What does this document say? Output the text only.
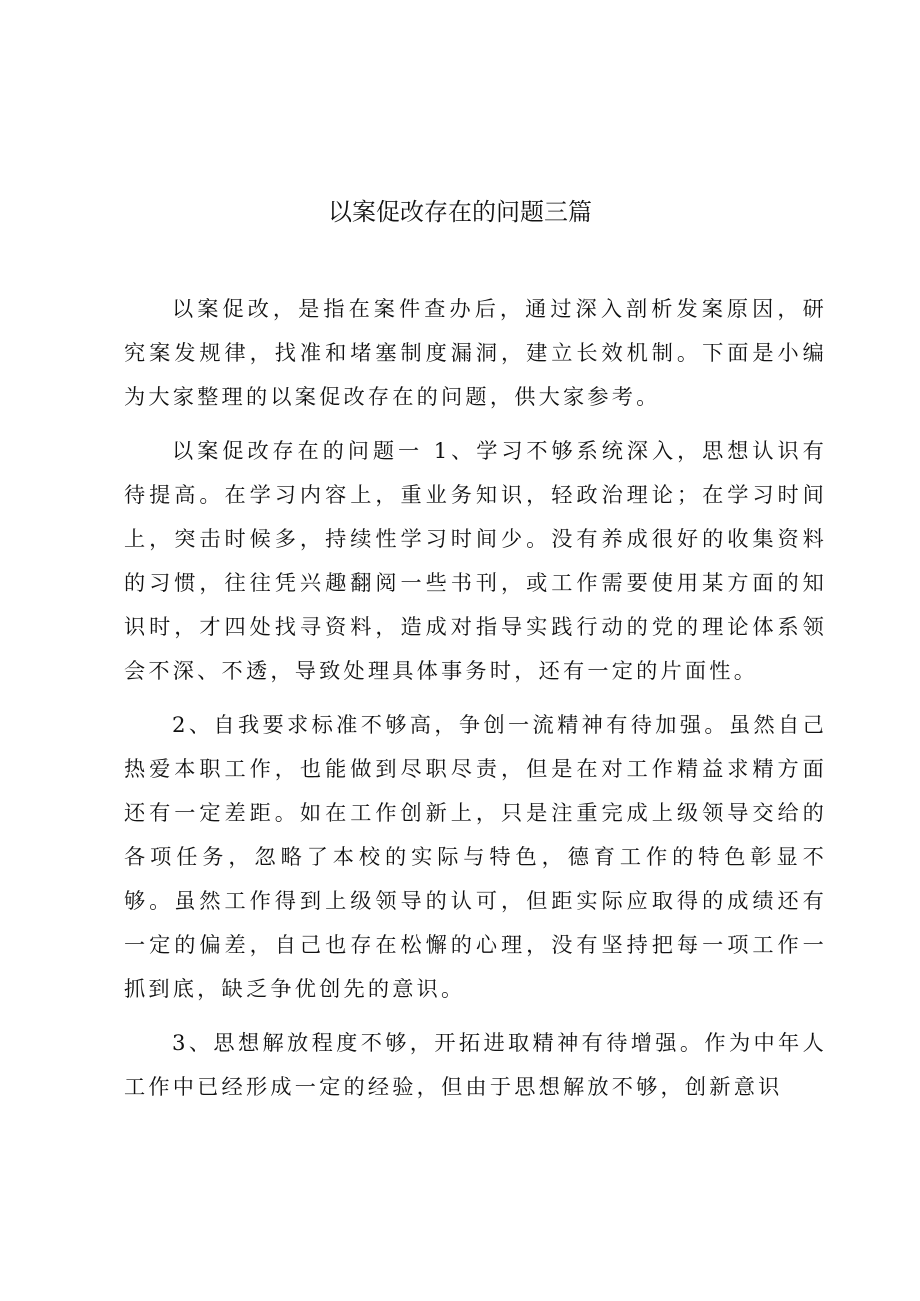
以案促改存在的问题三篇

以案促改，是指在案件查办后，通过深入剖析发案原因，研究案发规律，找准和堵塞制度漏洞，建立长效机制。下面是小编为大家整理的以案促改存在的问题，供大家参考。

以案促改存在的问题一 1、学习不够系统深入，思想认识有待提高。在学习内容上，重业务知识，轻政治理论；在学习时间上，突击时候多，持续性学习时间少。没有养成很好的收集资料的习惯，往往凭兴趣翻阅一些书刊，或工作需要使用某方面的知识时，才四处找寻资料，造成对指导实践行动的党的理论体系领会不深、不透，导致处理具体事务时，还有一定的片面性。

2、自我要求标准不够高，争创一流精神有待加强。虽然自己热爱本职工作，也能做到尽职尽责，但是在对工作精益求精方面还有一定差距。如在工作创新上，只是注重完成上级领导交给的各项任务，忽略了本校的实际与特色，德育工作的特色彰显不够。虽然工作得到上级领导的认可，但距实际应取得的成绩还有一定的偏差，自己也存在松懈的心理，没有坚持把每一项工作一抓到底，缺乏争优创先的意识。

3、思想解放程度不够，开拓进取精神有待增强。作为中年人工作中已经形成一定的经验，但由于思想解放不够，创新意识
